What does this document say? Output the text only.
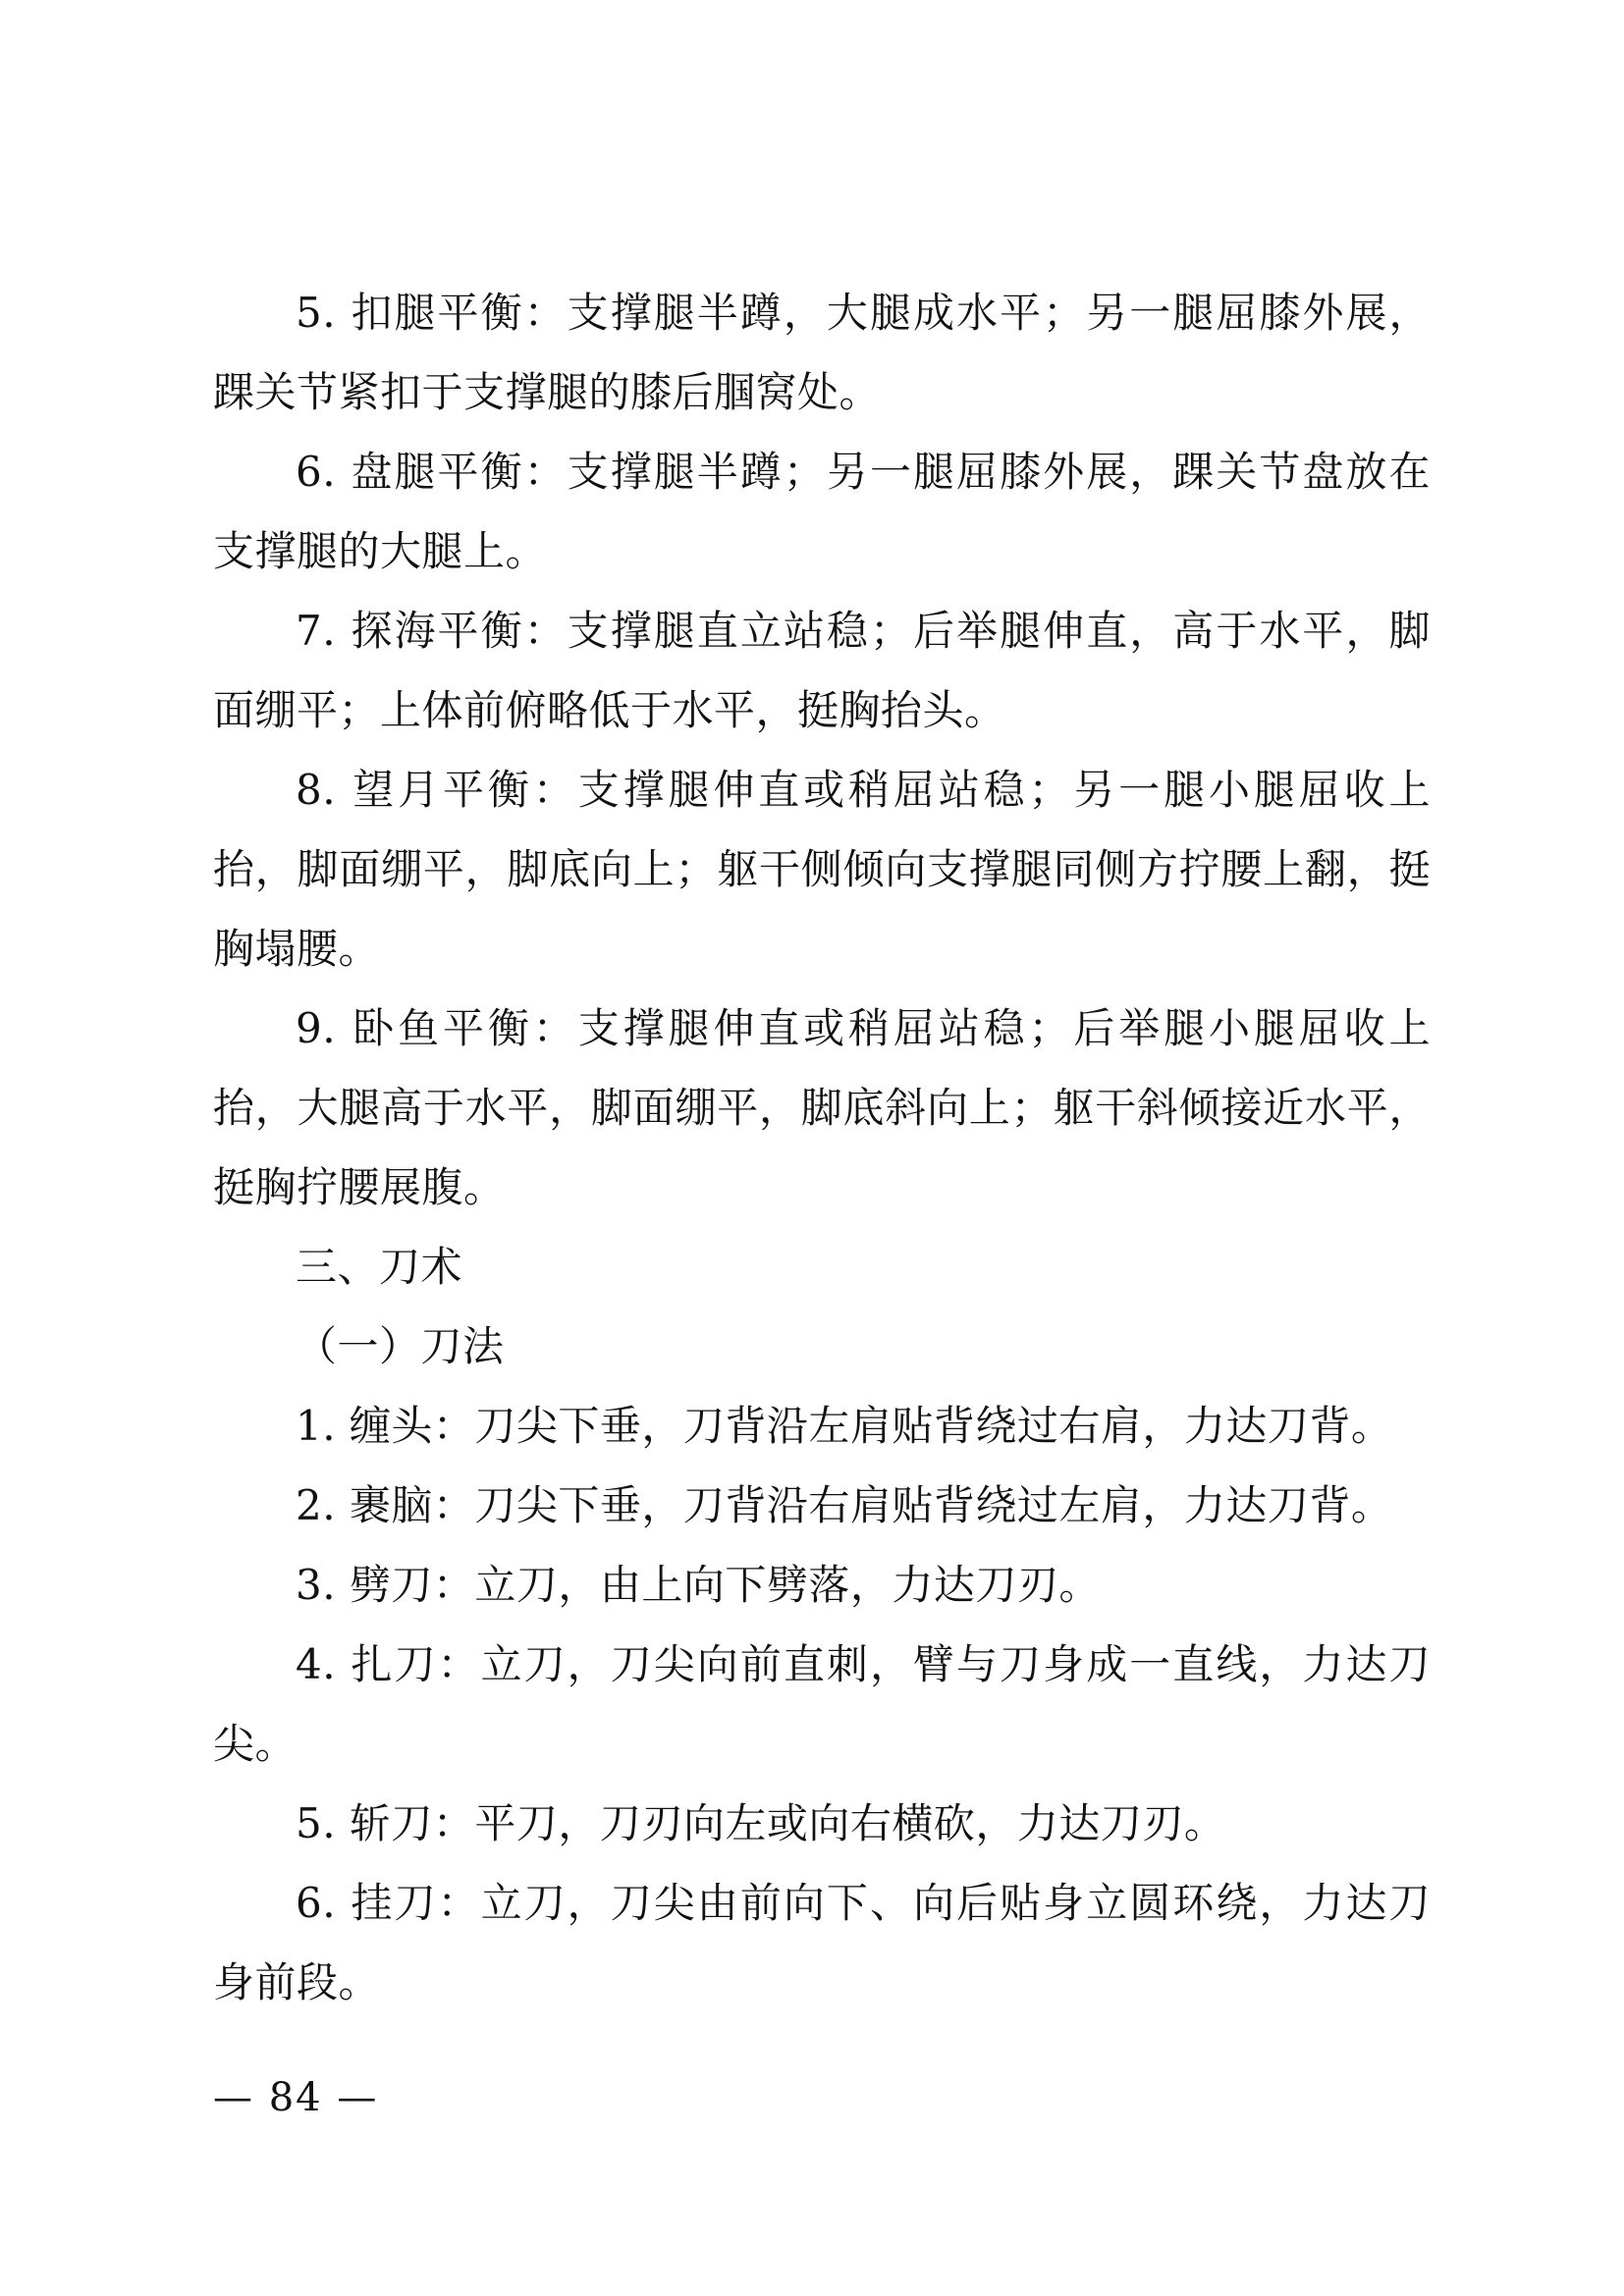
5. 扣腿平衡：支撑腿半蹲，大腿成水平；另一腿屈膝外展，踝关节紧扣于支撑腿的膝后腘窝处。

6. 盘腿平衡：支撑腿半蹲；另一腿屈膝外展，踝关节盘放在支撑腿的大腿上。

7. 探海平衡：支撑腿直立站稳；后举腿伸直，高于水平，脚面绷平；上体前俯略低于水平，挺胸抬头。

8. 望月平衡：支撑腿伸直或稍屈站稳；另一腿小腿屈收上抬，脚面绷平，脚底向上；躯干侧倾向支撑腿同侧方拧腰上翻，挺胸塌腰。

9. 卧鱼平衡：支撑腿伸直或稍屈站稳；后举腿小腿屈收上抬，大腿高于水平，脚面绷平，脚底斜向上；躯干斜倾接近水平，挺胸拧腰展腹。

三、刀术

（一）刀法

1. 缠头：刀尖下垂，刀背沿左肩贴背绕过右肩，力达刀背。

2. 裹脑：刀尖下垂，刀背沿右肩贴背绕过左肩，力达刀背。

3. 劈刀：立刀，由上向下劈落，力达刀刃。

4. 扎刀：立刀，刀尖向前直刺，臂与刀身成一直线，力达刀尖。

5. 斩刀：平刀，刀刃向左或向右横砍，力达刀刃。

6. 挂刀：立刀，刀尖由前向下、向后贴身立圆环绕，力达刀身前段。

— 84 —
